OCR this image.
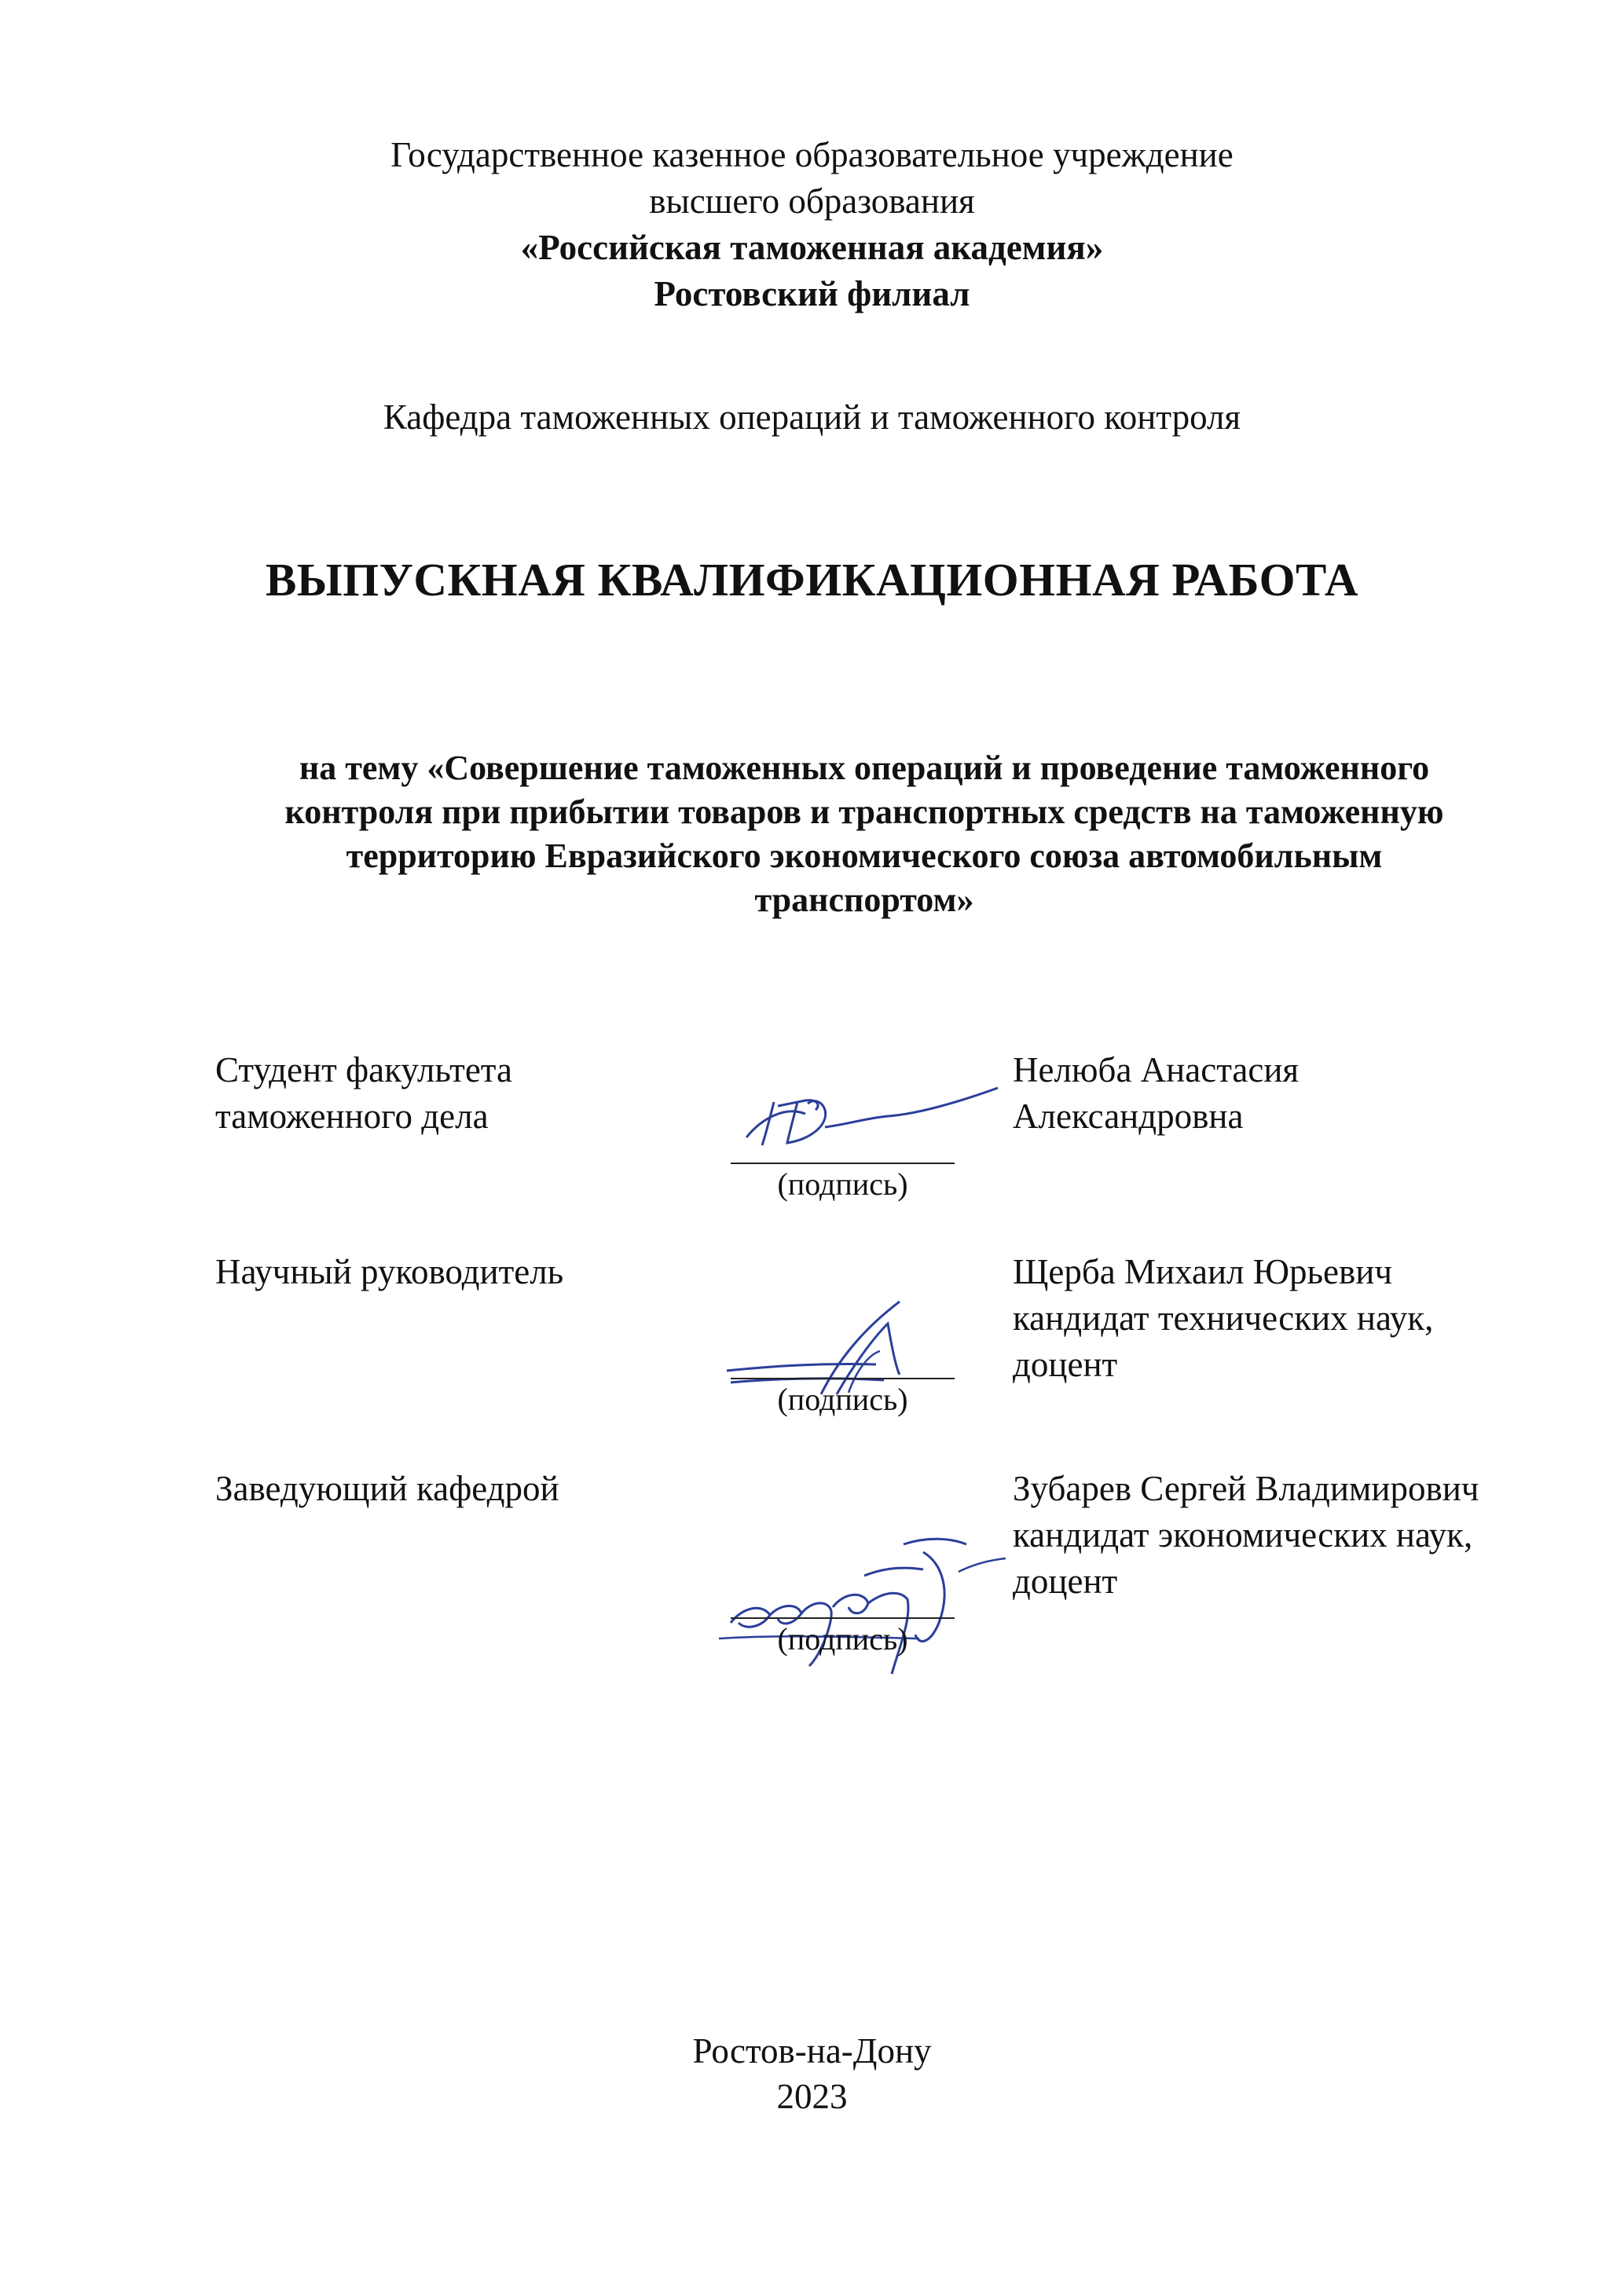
Государственное казенное образовательное учреждение
высшего образования
«Российская таможенная академия»
Ростовский филиал
Кафедра таможенных операций и таможенного контроля
ВЫПУСКНАЯ КВАЛИФИКАЦИОННАЯ РАБОТА
на тему «Совершение таможенных операций и проведение таможенного
контроля при прибытии товаров и транспортных средств на таможенную
территорию Евразийского экономического союза автомобильным
транспортом»
Студент факультета
таможенного дела
(подпись)
Нелюба Анастасия
Александровна
Научный руководитель
(подпись)
Щерба Михаил Юрьевич
кандидат технических наук,
доцент
Заведующий кафедрой
(подпись)
Зубарев Сергей Владимирович
кандидат экономических наук,
доцент
Ростов-на-Дону
2023
